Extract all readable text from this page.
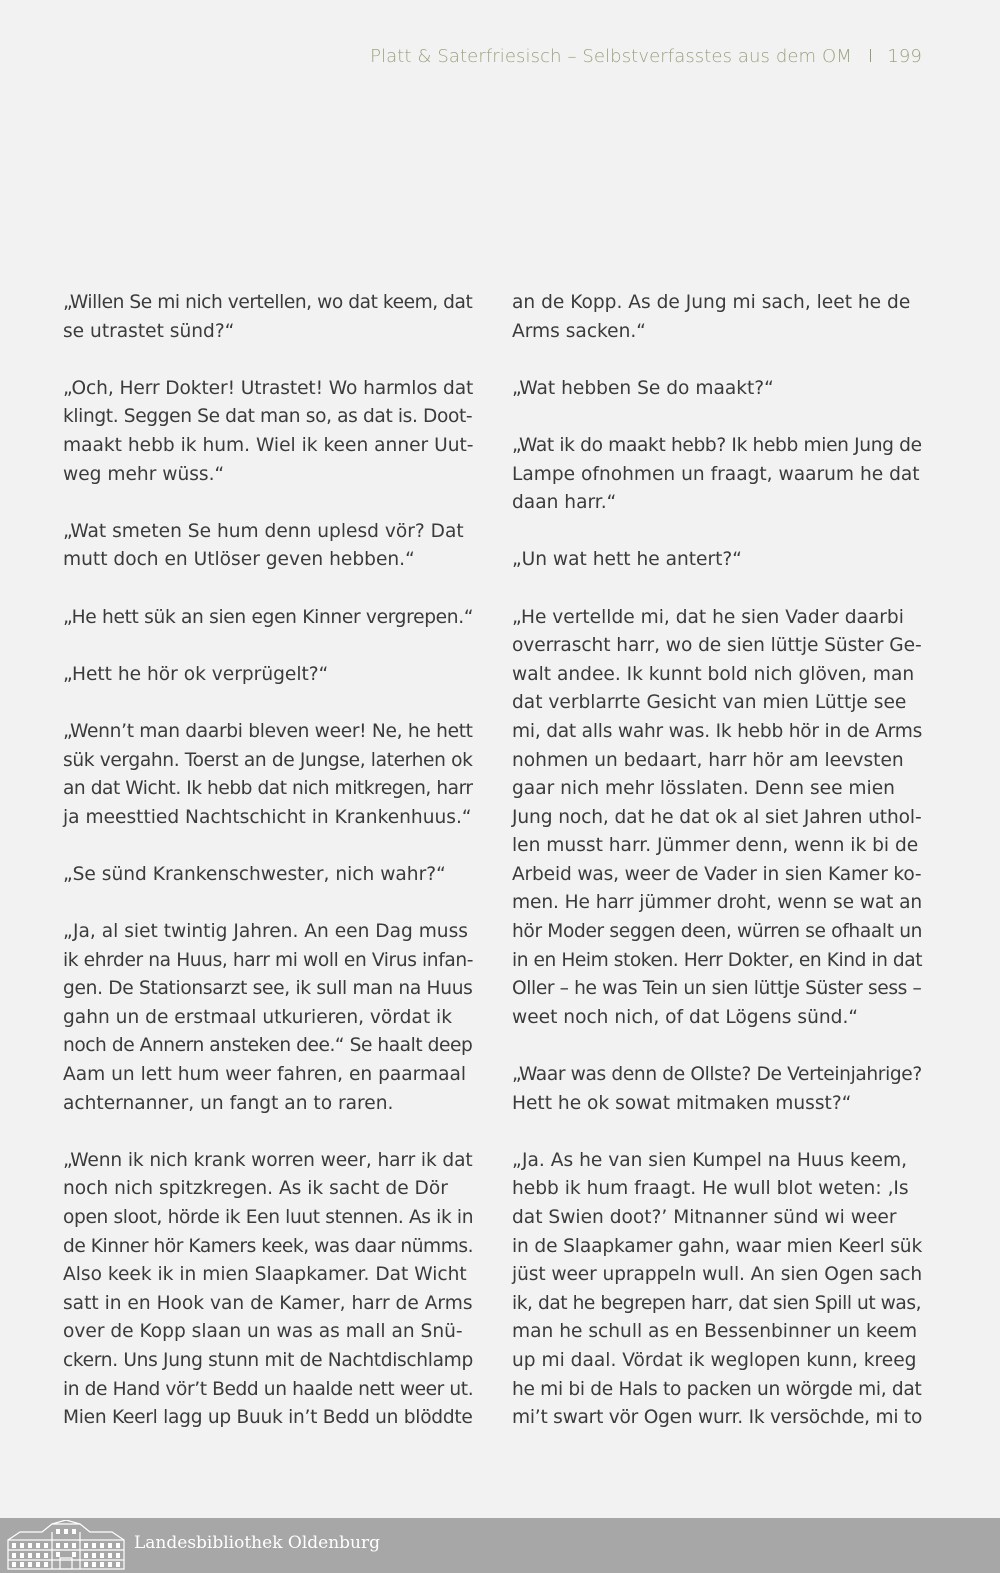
Platt & Saterfriesisch – Selbstverfasstes aus dem OM I 199

„Willen Se mi nich vertellen, wo dat keem, dat
se utrastet sünd?“

„Och, Herr Dokter! Utrastet! Wo harmlos dat
klingt. Seggen Se dat man so, as dat is. Doot-
maakt hebb ik hum. Wiel ik keen anner Uut-
weg mehr wüss.“

„Wat smeten Se hum denn uplesd vör? Dat
mutt doch en Utlöser geven hebben.“

„He hett sük an sien egen Kinner vergrepen.“

„Hett he hör ok verprügelt?“

„Wenn’t man daarbi bleven weer! Ne, he hett
sük vergahn. Toerst an de Jungse, laterhen ok
an dat Wicht. Ik hebb dat nich mitkregen, harr
ja meesttied Nachtschicht in Krankenhuus.“

„Se sünd Krankenschwester, nich wahr?“

„Ja, al siet twintig Jahren. An een Dag muss
ik ehrder na Huus, harr mi woll en Virus infan-
gen. De Stationsarzt see, ik sull man na Huus
gahn un de erstmaal utkurieren, vördat ik
noch de Annern ansteken dee.“ Se haalt deep
Aam un lett hum weer fahren, en paarmaal
achternanner, un fangt an to raren.

„Wenn ik nich krank worren weer, harr ik dat
noch nich spitzkregen. As ik sacht de Dör
open sloot, hörde ik Een luut stennen. As ik in
de Kinner hör Kamers keek, was daar nümms.
Also keek ik in mien Slaapkamer. Dat Wicht
satt in en Hook van de Kamer, harr de Arms
over de Kopp slaan un was as mall an Snü-
ckern. Uns Jung stunn mit de Nachtdischlamp
in de Hand vör’t Bedd un haalde nett weer ut.
Mien Keerl lagg up Buuk in’t Bedd un blöddte

an de Kopp. As de Jung mi sach, leet he de
Arms sacken.“

„Wat hebben Se do maakt?“

„Wat ik do maakt hebb? Ik hebb mien Jung de
Lampe ofnohmen un fraagt, waarum he dat
daan harr.“

„Un wat hett he antert?“

„He vertellde mi, dat he sien Vader daarbi
overrascht harr, wo de sien lüttje Süster Ge-
walt andee. Ik kunnt bold nich glöven, man
dat verblarrte Gesicht van mien Lüttje see
mi, dat alls wahr was. Ik hebb hör in de Arms
nohmen un bedaart, harr hör am leevsten
gaar nich mehr lösslaten. Denn see mien
Jung noch, dat he dat ok al siet Jahren uthol-
len musst harr. Jümmer denn, wenn ik bi de
Arbeid was, weer de Vader in sien Kamer ko-
men. He harr jümmer droht, wenn se wat an
hör Moder seggen deen, würren se ofhaalt un
in en Heim stoken. Herr Dokter, en Kind in dat
Oller – he was Tein un sien lüttje Süster sess –
weet noch nich, of dat Lögens sünd.“

„Waar was denn de Ollste? De Verteinjahrige?
Hett he ok sowat mitmaken musst?“

„Ja. As he van sien Kumpel na Huus keem,
hebb ik hum fraagt. He wull blot weten: ‚Is
dat Swien doot?’ Mitnanner sünd wi weer
in de Slaapkamer gahn, waar mien Keerl sük
jüst weer uprappeln wull. An sien Ogen sach
ik, dat he begrepen harr, dat sien Spill ut was,
man he schull as en Bessenbinner un keem
up mi daal. Vördat ik weglopen kunn, kreeg
he mi bi de Hals to packen un wörgde mi, dat
mi’t swart vör Ogen wurr. Ik versöchde, mi to

Landesbibliothek Oldenburg
